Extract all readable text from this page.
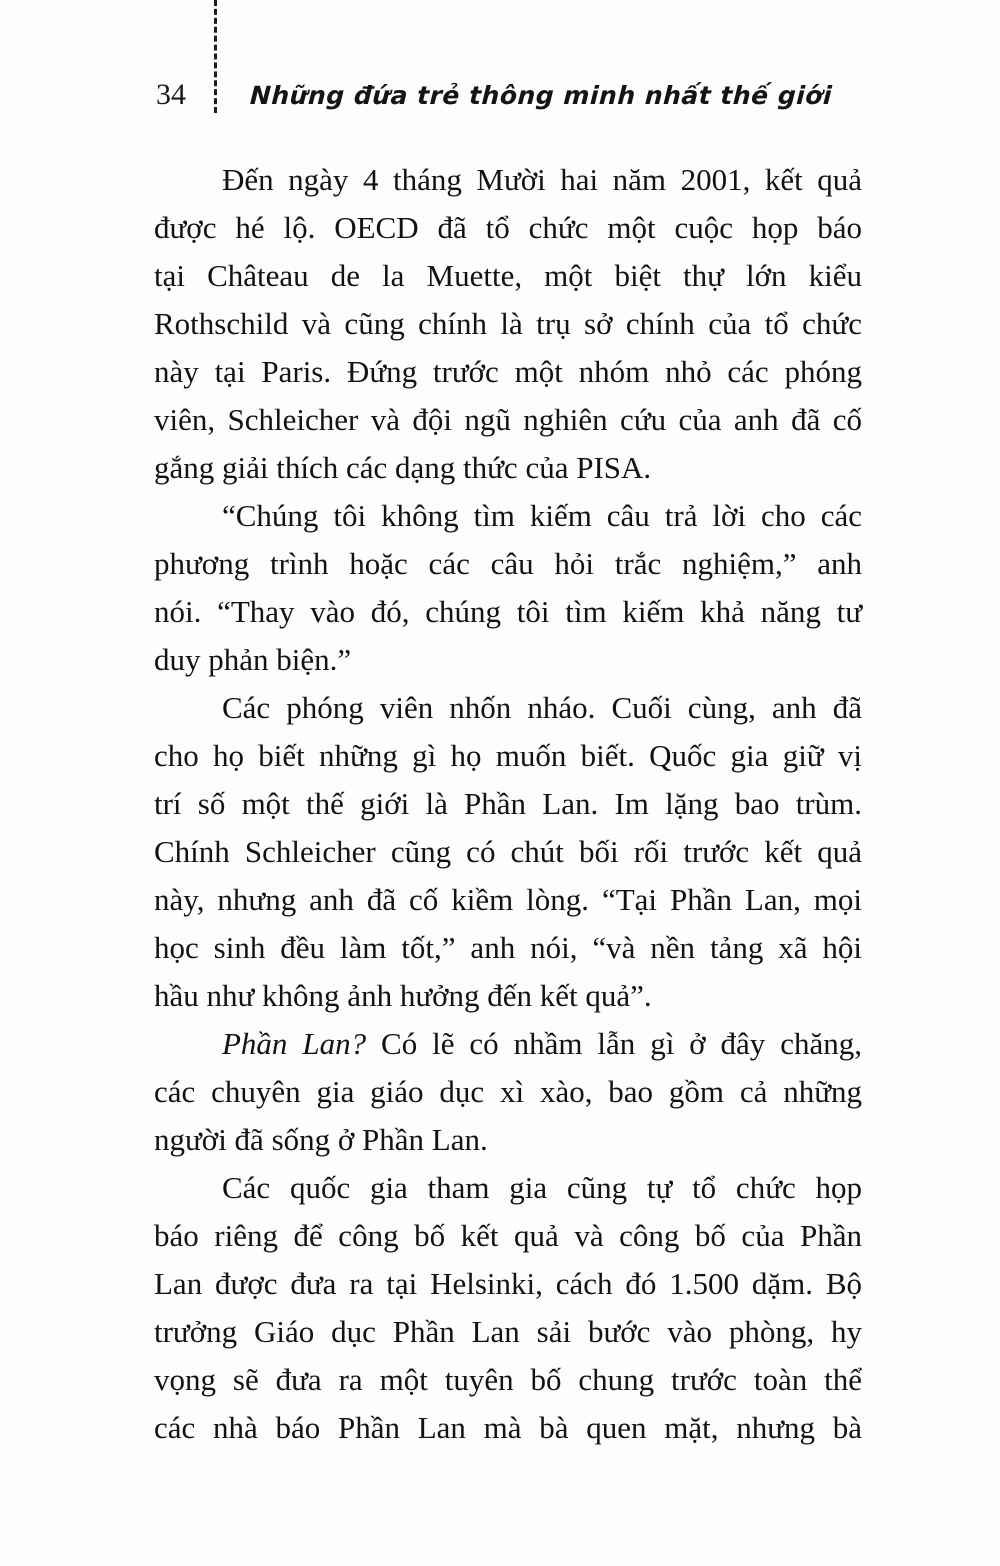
34	Những đứa trẻ thông minh nhất thế giới
Đến ngày 4 tháng Mười hai năm 2001, kết quả
được hé lộ. OECD đã tổ chức một cuộc họp báo
tại Château de la Muette, một biệt thự lớn kiểu
Rothschild và cũng chính là trụ sở chính của tổ chức
này tại Paris. Đứng trước một nhóm nhỏ các phóng
viên, Schleicher và đội ngũ nghiên cứu của anh đã cố
gắng giải thích các dạng thức của PISA.
“Chúng tôi không tìm kiếm câu trả lời cho các
phương trình hoặc các câu hỏi trắc nghiệm,” anh
nói. “Thay vào đó, chúng tôi tìm kiếm khả năng tư
duy phản biện.”
Các phóng viên nhốn nháo. Cuối cùng, anh đã
cho họ biết những gì họ muốn biết. Quốc gia giữ vị
trí số một thế giới là Phần Lan. Im lặng bao trùm.
Chính Schleicher cũng có chút bối rối trước kết quả
này, nhưng anh đã cố kiềm lòng. “Tại Phần Lan, mọi
học sinh đều làm tốt,” anh nói, “và nền tảng xã hội
hầu như không ảnh hưởng đến kết quả”.
Phần Lan? Có lẽ có nhầm lẫn gì ở đây chăng,
các chuyên gia giáo dục xì xào, bao gồm cả những
người đã sống ở Phần Lan.
Các quốc gia tham gia cũng tự tổ chức họp
báo riêng để công bố kết quả và công bố của Phần
Lan được đưa ra tại Helsinki, cách đó 1.500 dặm. Bộ
trưởng Giáo dục Phần Lan sải bước vào phòng, hy
vọng sẽ đưa ra một tuyên bố chung trước toàn thể
các nhà báo Phần Lan mà bà quen mặt, nhưng bà
